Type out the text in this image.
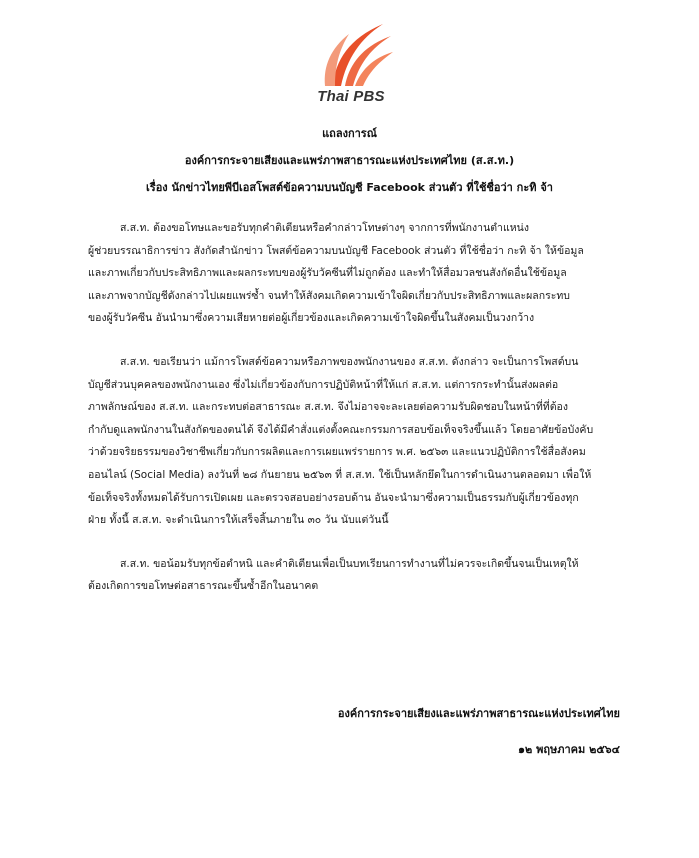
Thai PBS
แถลงการณ์
องค์การกระจายเสียงและแพร่ภาพสาธารณะแห่งประเทศไทย (ส.ส.ท.)
เรื่อง นักข่าวไทยพีบีเอสโพสต์ข้อความบนบัญชี Facebook ส่วนตัว ที่ใช้ชื่อว่า กะทิ จ้า
ส.ส.ท. ต้องขอโทษและขอรับทุกคำติเตียนหรือคำกล่าวโทษต่างๆ จากการที่พนักงานตำแหน่ง
ผู้ช่วยบรรณาธิการข่าว สังกัดสำนักข่าว โพสต์ข้อความบนบัญชี Facebook ส่วนตัว ที่ใช้ชื่อว่า กะทิ จ้า ให้ข้อมูล
และภาพเกี่ยวกับประสิทธิภาพและผลกระทบของผู้รับวัคซีนที่ไม่ถูกต้อง และทำให้สื่อมวลชนสังกัดอื่นใช้ข้อมูล
และภาพจากบัญชีดังกล่าวไปเผยแพร่ซ้ำ จนทำให้สังคมเกิดความเข้าใจผิดเกี่ยวกับประสิทธิภาพและผลกระทบ
ของผู้รับวัคซีน อันนำมาซึ่งความเสียหายต่อผู้เกี่ยวข้องและเกิดความเข้าใจผิดขึ้นในสังคมเป็นวงกว้าง
ส.ส.ท. ขอเรียนว่า แม้การโพสต์ข้อความหรือภาพของพนักงานของ ส.ส.ท. ดังกล่าว จะเป็นการโพสต์บน
บัญชีส่วนบุคคลของพนักงานเอง ซึ่งไม่เกี่ยวข้องกับการปฏิบัติหน้าที่ให้แก่ ส.ส.ท. แต่การกระทำนั้นส่งผลต่อ
ภาพลักษณ์ของ ส.ส.ท. และกระทบต่อสาธารณะ ส.ส.ท. จึงไม่อาจจะละเลยต่อความรับผิดชอบในหน้าที่ที่ต้อง
กำกับดูแลพนักงานในสังกัดของตนได้ จึงได้มีคำสั่งแต่งตั้งคณะกรรมการสอบข้อเท็จจริงขึ้นแล้ว โดยอาศัยข้อบังคับ
ว่าด้วยจริยธรรมของวิชาชีพเกี่ยวกับการผลิตและการเผยแพร่รายการ พ.ศ. ๒๕๖๓ และแนวปฏิบัติการใช้สื่อสังคม
ออนไลน์ (Social Media) ลงวันที่ ๒๘ กันยายน ๒๕๖๓ ที่ ส.ส.ท. ใช้เป็นหลักยึดในการดำเนินงานตลอดมา เพื่อให้
ข้อเท็จจริงทั้งหมดได้รับการเปิดเผย และตรวจสอบอย่างรอบด้าน อันจะนำมาซึ่งความเป็นธรรมกับผู้เกี่ยวข้องทุก
ฝ่าย ทั้งนี้ ส.ส.ท. จะดำเนินการให้เสร็จสิ้นภายใน ๓๐ วัน นับแต่วันนี้
ส.ส.ท. ขอน้อมรับทุกข้อตำหนิ และคำติเตียนเพื่อเป็นบทเรียนการทำงานที่ไม่ควรจะเกิดขึ้นจนเป็นเหตุให้
ต้องเกิดการขอโทษต่อสาธารณะขึ้นซ้ำอีกในอนาคต
องค์การกระจายเสียงและแพร่ภาพสาธารณะแห่งประเทศไทย
๑๒ พฤษภาคม ๒๕๖๔
